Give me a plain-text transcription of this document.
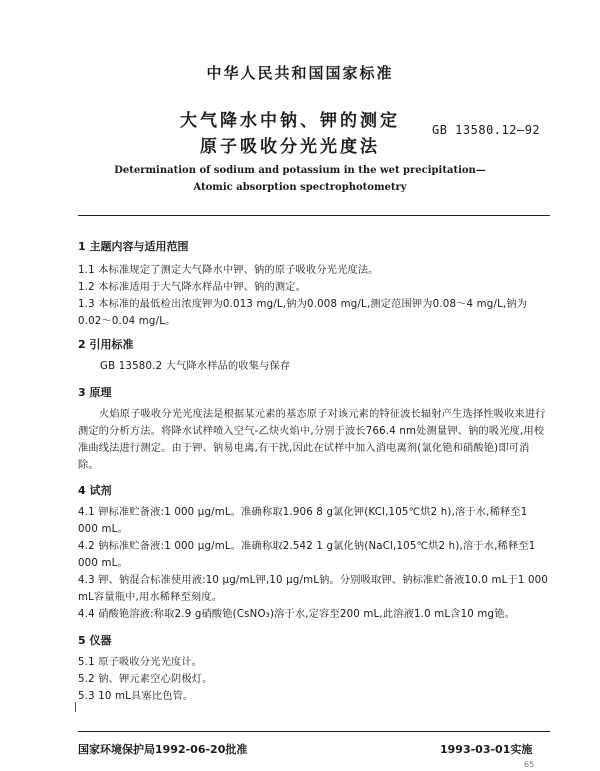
中华人民共和国国家标准
大气降水中钠、钾的测定
原子吸收分光光度法
GB 13580.12—92
Determination of sodium and potassium in the wet precipitation—
Atomic absorption spectrophotometry
1 主题内容与适用范围

1.1 本标准规定了测定大气降水中钾、钠的原子吸收分光光度法。

1.2 本标准适用于大气降水样品中钾、钠的测定。

1.3 本标准的最低检出浓度钾为0.013 mg/L,钠为0.008 mg/L,测定范围钾为0.08～4 mg/L,钠为0.02～0.04 mg/L。

2 引用标准

GB 13580.2 大气降水样品的收集与保存

3 原理

火焰原子吸收分光光度法是根据某元素的基态原子对该元素的特征波长辐射产生选择性吸收来进行测定的分析方法。将降水试样喷入空气-乙炔火焰中,分别于波长766.4 nm处测量钾、钠的吸光度,用校准曲线法进行测定。由于钾、钠易电离,有干扰,因此在试样中加入消电离剂(氯化铯和硝酸铯)即可消除。

4 试剂

4.1 钾标准贮备液:1 000 μg/mL。准确称取1.906 8 g氯化钾(KCl,105℃烘2 h),溶于水,稀释至1 000 mL。

4.2 钠标准贮备液:1 000 μg/mL。准确称取2.542 1 g氯化钠(NaCl,105℃烘2 h),溶于水,稀释至1 000 mL。

4.3 钾、钠混合标准使用液:10 μg/mL钾,10 μg/mL钠。分别吸取钾、钠标准贮备液10.0 mL于1 000 mL容量瓶中,用水稀释至刻度。

4.4 硝酸铯溶液:称取2.9 g硝酸铯(CsNO₃)溶于水,定容至200 mL,此溶液1.0 mL含10 mg铯。

5 仪器

5.1 原子吸收分光光度计。

5.2 钠、钾元素空心阴极灯。

5.3 10 mL具塞比色管。

国家环境保护局1992-06-20批准	1993-03-01实施
65
